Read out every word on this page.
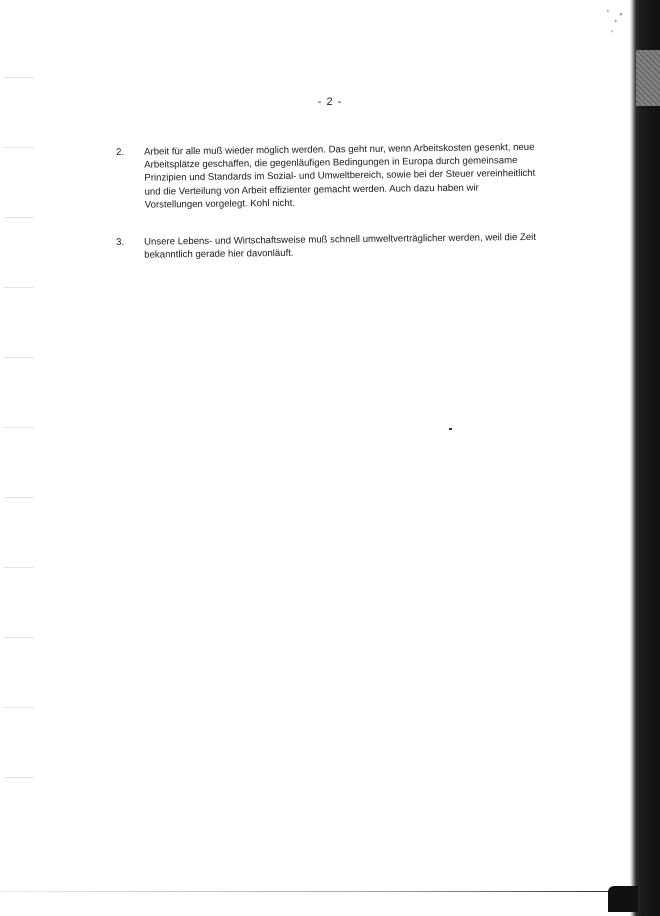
- 2 -
2.	Arbeit für alle muß wieder möglich werden. Das geht nur, wenn Arbeitskosten gesenkt, neue Arbeitsplätze geschaffen, die gegenläufigen Bedingungen in Europa durch gemeinsame Prinzipien und Standards im Sozial- und Umweltbereich, sowie bei der Steuer vereinheitlicht und die Verteilung von Arbeit effizienter gemacht werden. Auch dazu haben wir Vorstellungen vorgelegt. Kohl nicht.
3.	Unsere Lebens- und Wirtschaftsweise muß schnell umweltverträglicher werden, weil die Zeit bekanntlich gerade hier davonläuft.
